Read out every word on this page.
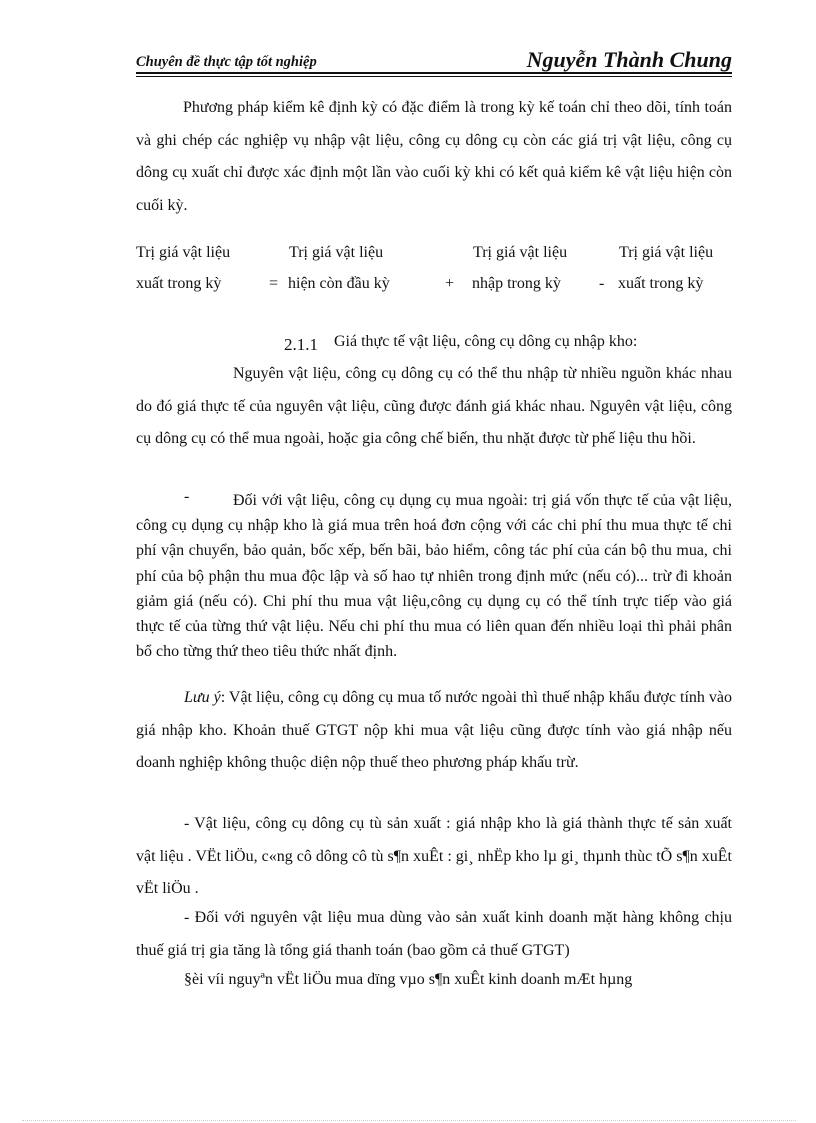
Chuyên đề thực tập tốt nghiệp	Nguyễn Thành Chung

Phương pháp kiểm kê định kỳ có đặc điểm là trong kỳ kế toán chỉ theo dõi, tính toán và ghi chép các nghiệp vụ nhập vật liệu, công cụ dông cụ còn các giá trị vật liệu, công cụ dông cụ xuất chỉ được xác định một lần vào cuối kỳ khi có kết quả kiểm kê vật liệu hiện còn cuối kỳ.

Trị giá vật liệu	Trị giá vật liệu	Trị giá vật liệu	Trị giá vật liệu
xuất trong kỳ	= hiện còn đầu kỳ	+ nhập trong kỳ - xuất trong kỳ
2.1.1 Giá thực tế vật liệu, công cụ dông cụ nhập kho:

Nguyên vật liệu, công cụ dông cụ có thể thu nhập từ nhiều nguồn khác nhau do đó giá thực tế của nguyên vật liệu, cũng được đánh giá khác nhau. Nguyên vật liệu, công cụ dông cụ có thể mua ngoài, hoặc gia công chế biến, thu nhặt được từ phế liệu thu hồi.

-	Đối với vật liệu, công cụ dụng cụ mua ngoài: trị giá vốn thực tế của vật liệu, công cụ dụng cụ nhập kho là giá mua trên hoá đơn cộng với các chi phí thu mua thực tế chi phí vận chuyển, bảo quản, bốc xếp, bến bãi, bảo hiểm, công tác phí của cán bộ thu mua, chi phí của bộ phận thu mua độc lập và số hao tự nhiên trong định mức (nếu có)... trừ đi khoản giảm giá (nếu có). Chi phí thu mua vật liệu,công cụ dụng cụ có thể tính trực tiếp vào giá thực tế của từng thứ vật liệu. Nếu chi phí thu mua có liên quan đến nhiều loại thì phải phân bổ cho từng thứ theo tiêu thức nhất định.

Lưu ý: Vật liệu, công cụ dông cụ mua tố nước ngoài thì thuế nhập khẩu được tính vào giá nhập kho. Khoản thuế GTGT nộp khi mua vật liệu cũng được tính vào giá nhập nếu doanh nghiệp không thuộc diện nộp thuế theo phương pháp khấu trừ.

- Vật liệu, công cụ dông cụ tù sản xuất : giá nhập kho là giá thành thực tế sản xuất vật liệu . VËt liÖu, c«ng cô dông cô tù s¶n xuÊt : gi¸ nhËp kho lµ gi¸ thµnh thùc tÕ s¶n xuÊt vËt liÖu .

- Đối với nguyên vật liệu mua dùng vào sản xuất kinh doanh mặt hàng không chịu thuế giá trị gia tăng là tổng giá thanh toán (bao gồm cả thuế GTGT)

§èi víi nguyªn vËt liÖu mua dïng vµo s¶n xuÊt kinh doanh mÆt hµng
